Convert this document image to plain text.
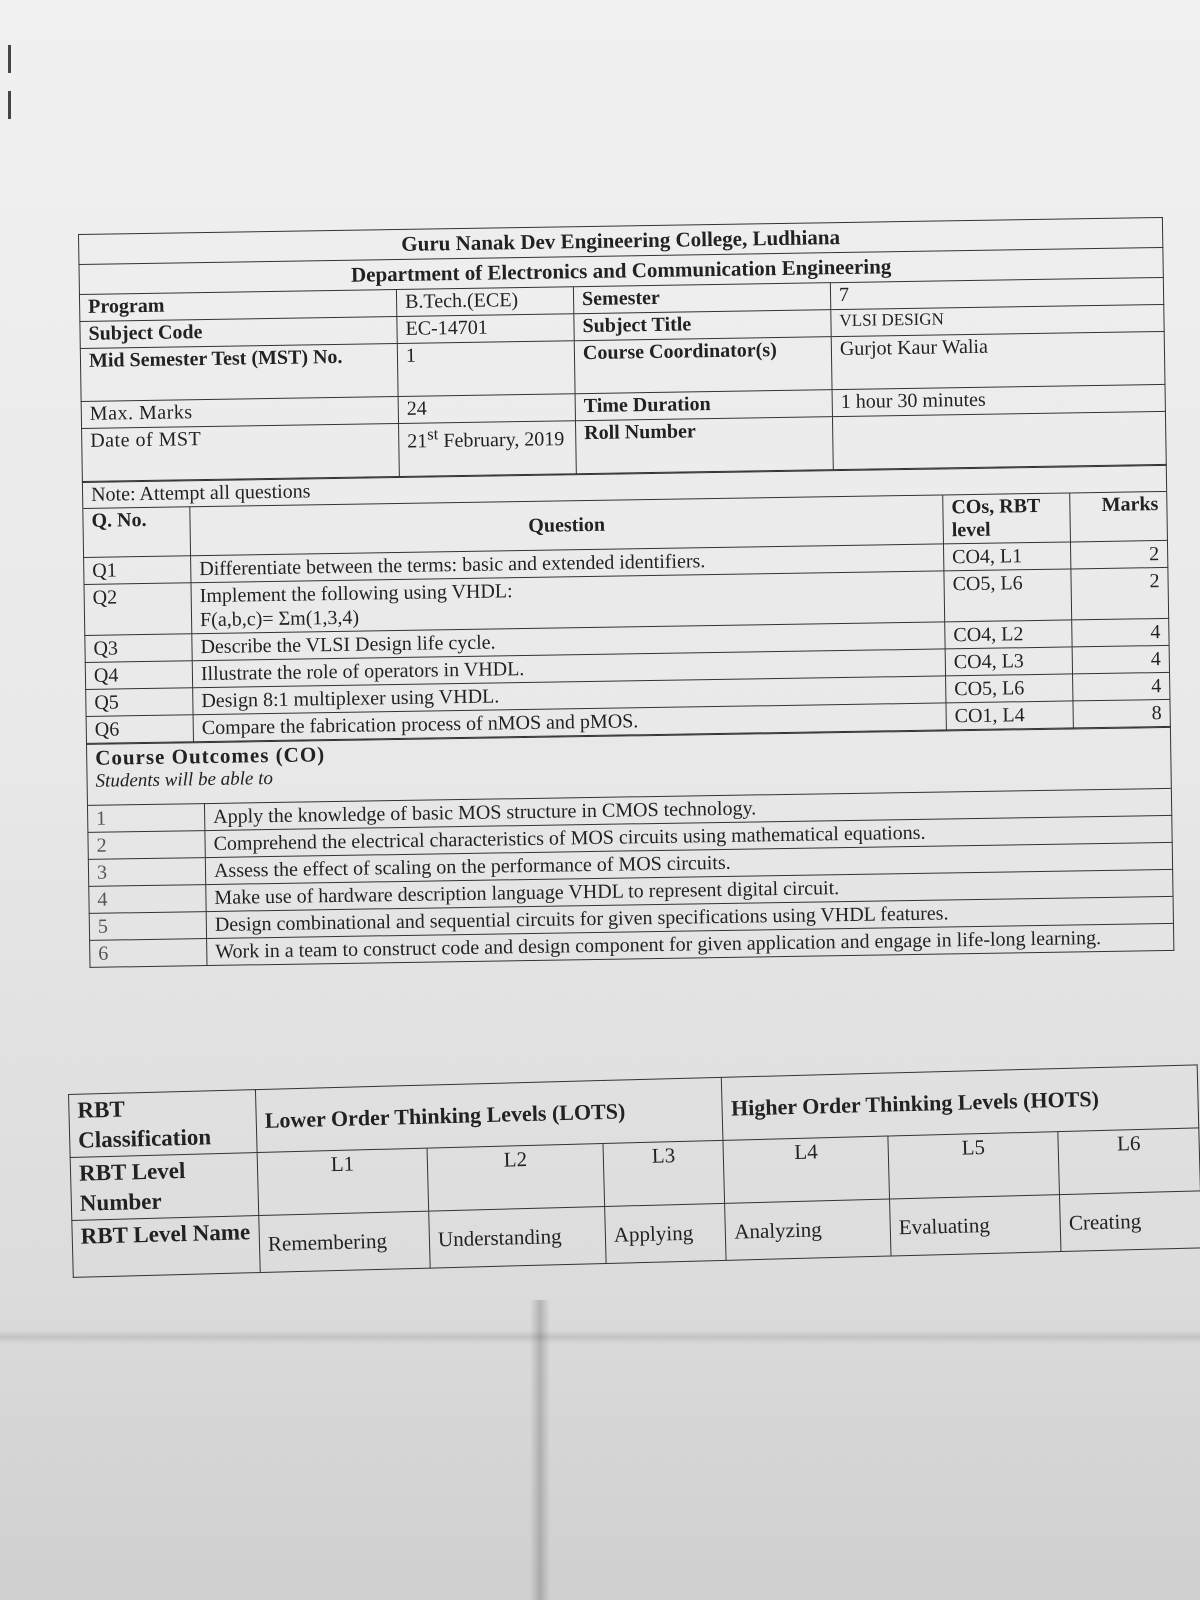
Guru Nanak Dev Engineering College, Ludhiana			
Department of Electronics and Communication Engineering			
Program	B.Tech.(ECE)	Semester	7
Subject Code	EC-14701	Subject Title	VLSI DESIGN
Mid Semester Test (MST) No.	1	Course Coordinator(s)	Gurjot Kaur Walia
Max. Marks	24	Time Duration	1 hour 30 minutes
Date of MST	21st February, 2019	Roll Number	
Note: Attempt all questions			
Q. No.	Question	COs, RBT level	Marks
Q1	Differentiate between the terms: basic and extended identifiers.	CO4, L1	2
Q2	Implement the following using VHDL:
F(a,b,c)= Σm(1,3,4)	CO5, L6	2
Q3	Describe the VLSI Design life cycle.	CO4, L2	4
Q4	Illustrate the role of operators in VHDL.	CO4, L3	4
Q5	Design 8:1 multiplexer using VHDL.	CO5, L6	4
Q6	Compare the fabrication process of nMOS and pMOS.	CO1, L4	8
Course Outcomes (CO)
Students will be able to	

1	Apply the knowledge of basic MOS structure in CMOS technology.
2	Comprehend the electrical characteristics of MOS circuits using mathematical equations.
3	Assess the effect of scaling on the performance of MOS circuits.
4	Make use of hardware description language VHDL to represent digital circuit.
5	Design combinational and sequential circuits for given specifications using VHDL features.
6	Work in a team to construct code and design component for given application and engage in life-long learning.
RBT Classification	Lower Order Thinking Levels (LOTS)			Higher Order Thinking Levels (HOTS)		
RBT Level Number	L1	L2	L3	L4	L5	L6
RBT Level Name	Remembering	Understanding	Applying	Analyzing	Evaluating	Creating
